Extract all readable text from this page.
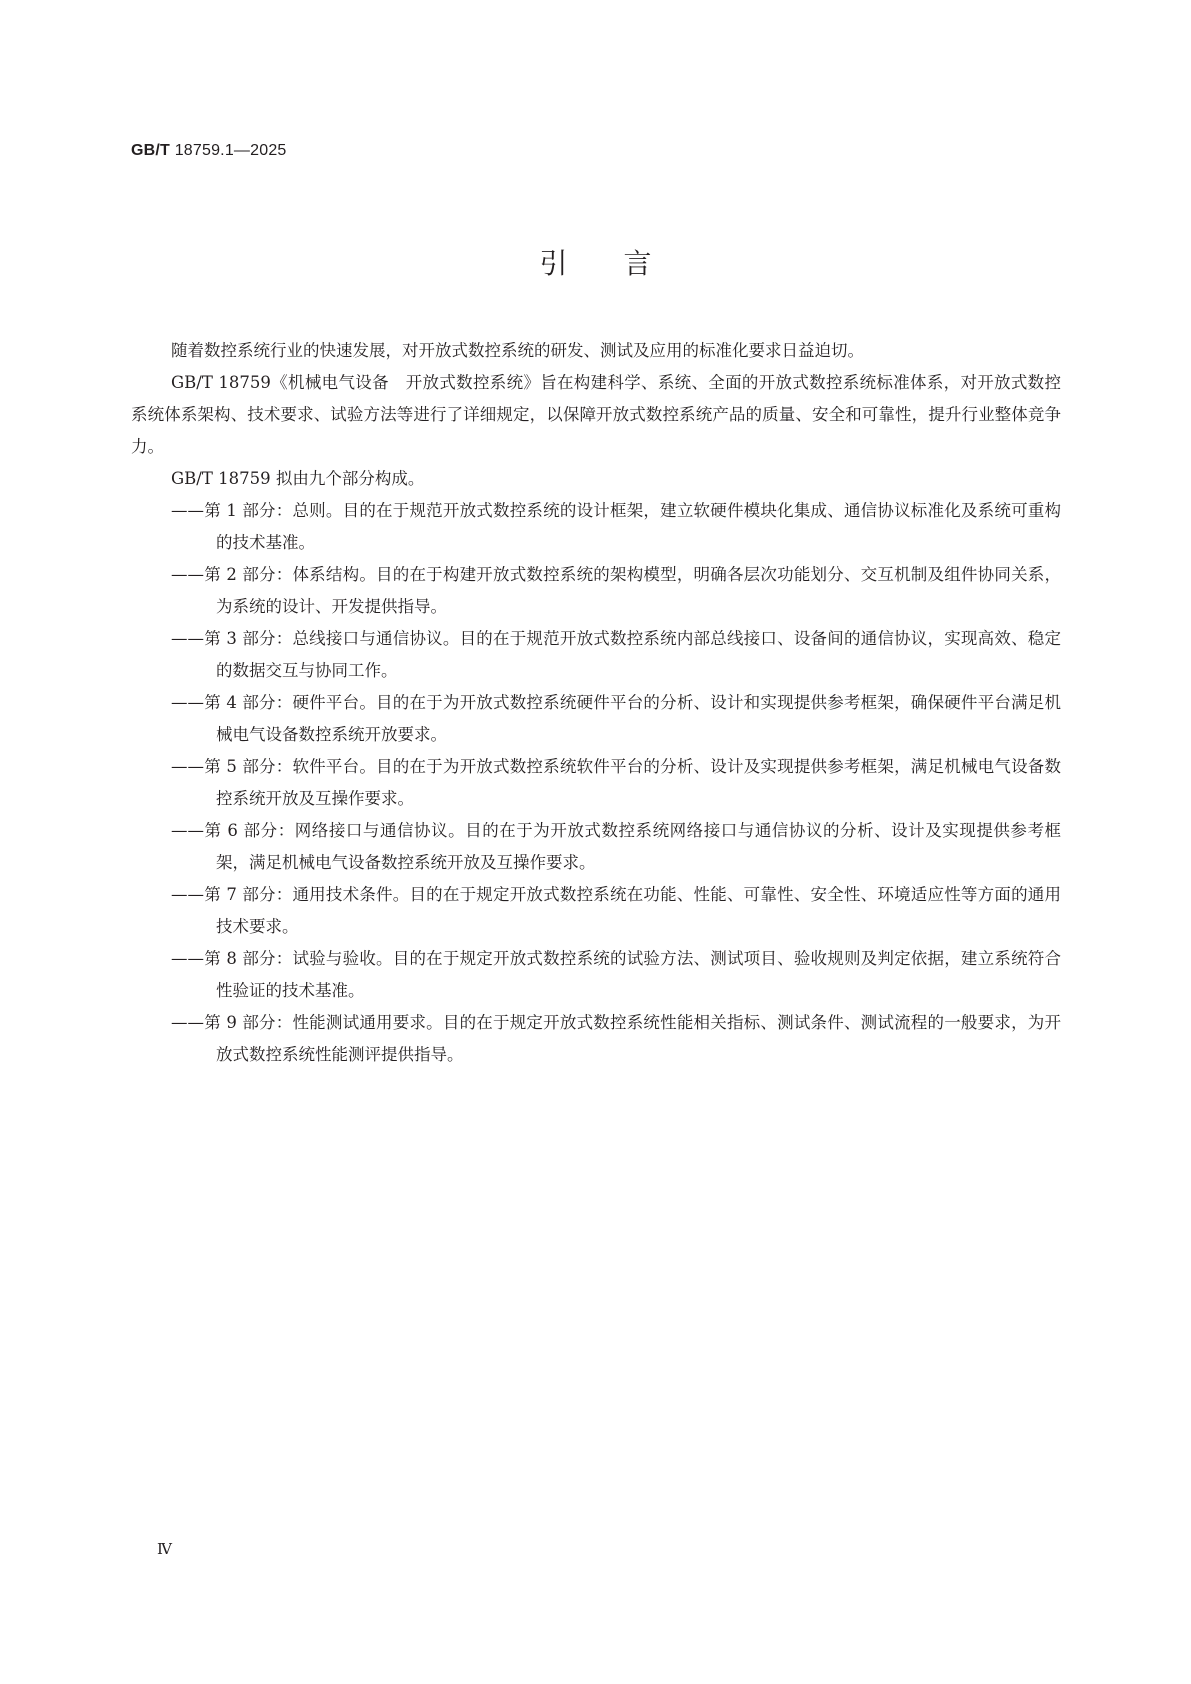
GB/T 18759.1—2025
引言

随着数控系统行业的快速发展，对开放式数控系统的研发、测试及应用的标准化要求日益迫切。

GB/T 18759《机械电气设备　开放式数控系统》旨在构建科学、系统、全面的开放式数控系统标准体系，对开放式数控系统体系架构、技术要求、试验方法等进行了详细规定，以保障开放式数控系统产品的质量、安全和可靠性，提升行业整体竞争力。

GB/T 18759 拟由九个部分构成。

——第 1 部分：总则。目的在于规范开放式数控系统的设计框架，建立软硬件模块化集成、通信协议标准化及系统可重构的技术基准。

——第 2 部分：体系结构。目的在于构建开放式数控系统的架构模型，明确各层次功能划分、交互机制及组件协同关系，为系统的设计、开发提供指导。

——第 3 部分：总线接口与通信协议。目的在于规范开放式数控系统内部总线接口、设备间的通信协议，实现高效、稳定的数据交互与协同工作。

——第 4 部分：硬件平台。目的在于为开放式数控系统硬件平台的分析、设计和实现提供参考框架，确保硬件平台满足机械电气设备数控系统开放要求。

——第 5 部分：软件平台。目的在于为开放式数控系统软件平台的分析、设计及实现提供参考框架，满足机械电气设备数控系统开放及互操作要求。

——第 6 部分：网络接口与通信协议。目的在于为开放式数控系统网络接口与通信协议的分析、设计及实现提供参考框架，满足机械电气设备数控系统开放及互操作要求。

——第 7 部分：通用技术条件。目的在于规定开放式数控系统在功能、性能、可靠性、安全性、环境适应性等方面的通用技术要求。

——第 8 部分：试验与验收。目的在于规定开放式数控系统的试验方法、测试项目、验收规则及判定依据，建立系统符合性验证的技术基准。

——第 9 部分：性能测试通用要求。目的在于规定开放式数控系统性能相关指标、测试条件、测试流程的一般要求，为开放式数控系统性能测评提供指导。

Ⅳ
